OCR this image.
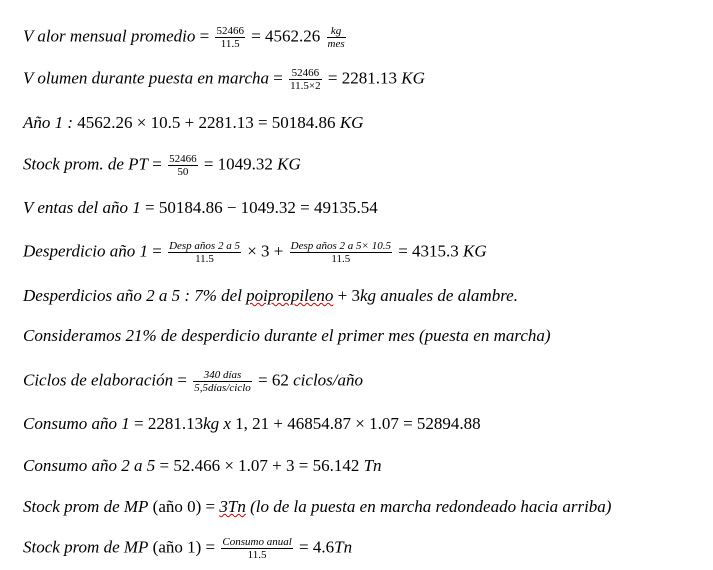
V alor mensual promedio = $\frac{52466}{11.5} = 4562.26 \frac{kg}{\text{mes}}$
V olumen durante puesta en marcha = $\frac{52466}{11.5\times 2} = 2281.13$ KG
Año 1 : 4562.26 × 10.5 + 2281.13 = 50184.86 KG
Stock prom. de PT = $\frac{52466}{50} = 1049.32$ KG
V entas del año 1 = 50184.86 − 1049.32 = 49135.54
Desperdicio año $1 = \frac{\text{Desp años 2 a 5}}{11.5} \times 3 + \frac{\text{Desp años 2 a 5× 10.5}}{11.5} = 4315.3$ KG
Desperdicios año 2 a 5 : 7% del poipropileno + 3kg anuales de alambre.
Consideramos 21% de desperdicio durante el primer mes (puesta en marcha)
Ciclos de elaboración = $\frac{\text{340 días}}{\text{5,5días/ciclo}} = 62$ ciclos/año
Consumo año 1 = 2281.13kg x 1, 21 + 46854.87 × 1.07 = 52894.88
Consumo año 2 a 5 = 52.466 × 1.07 + 3 = 56.142 Tn
Stock prom de MP (año 0) = 3Tn (lo de la puesta en marcha redondeado hacia arriba)
Stock prom de MP (año $1) = \frac{\text{Consumo anual}}{11.5} = 4.6Tn$
